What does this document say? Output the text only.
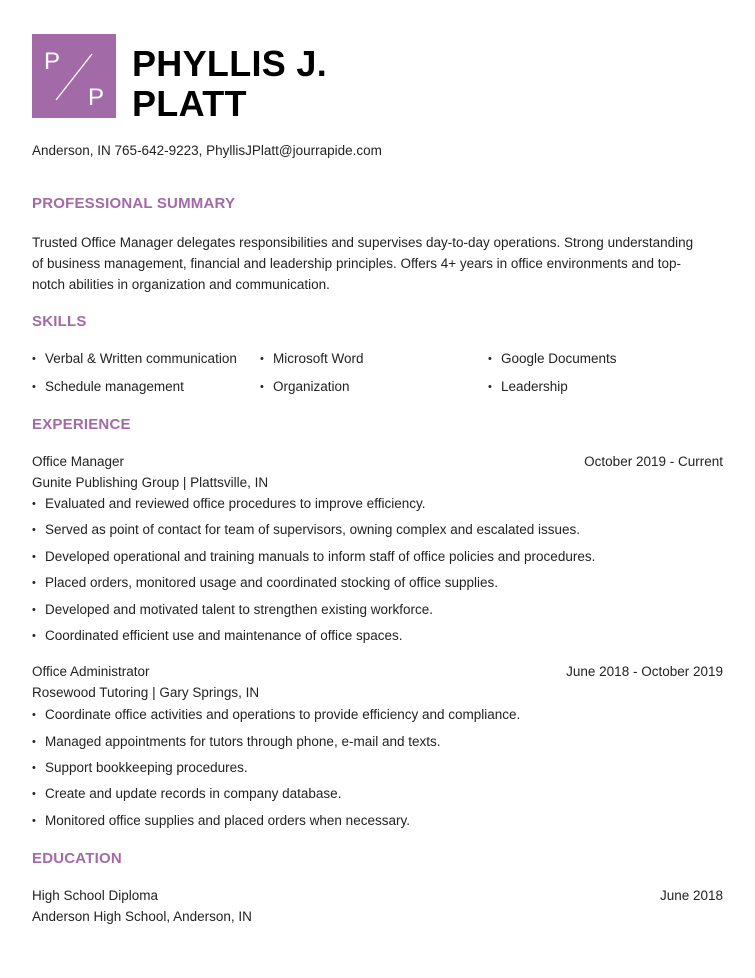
P
P
PHYLLIS J.
PLATT
Anderson, IN 765-642-9223, PhyllisJPlatt@jourrapide.com
PROFESSIONAL SUMMARY
Trusted Office Manager delegates responsibilities and supervises day-to-day operations. Strong understanding
of business management, financial and leadership principles. Offers 4+ years in office environments and top-
notch abilities in organization and communication.
SKILLS
• Verbal & Written communication	• Microsoft Word	• Google Documents
• Schedule management	• Organization	• Leadership
EXPERIENCE
Office Manager	October 2019 - Current
Gunite Publishing Group | Plattsville, IN
• Evaluated and reviewed office procedures to improve efficiency.
• Served as point of contact for team of supervisors, owning complex and escalated issues.
• Developed operational and training manuals to inform staff of office policies and procedures.
• Placed orders, monitored usage and coordinated stocking of office supplies.
• Developed and motivated talent to strengthen existing workforce.
• Coordinated efficient use and maintenance of office spaces.
Office Administrator	June 2018 - October 2019
Rosewood Tutoring | Gary Springs, IN
• Coordinate office activities and operations to provide efficiency and compliance.
• Managed appointments for tutors through phone, e-mail and texts.
• Support bookkeeping procedures.
• Create and update records in company database.
• Monitored office supplies and placed orders when necessary.
EDUCATION
High School Diploma	June 2018
Anderson High School, Anderson, IN
